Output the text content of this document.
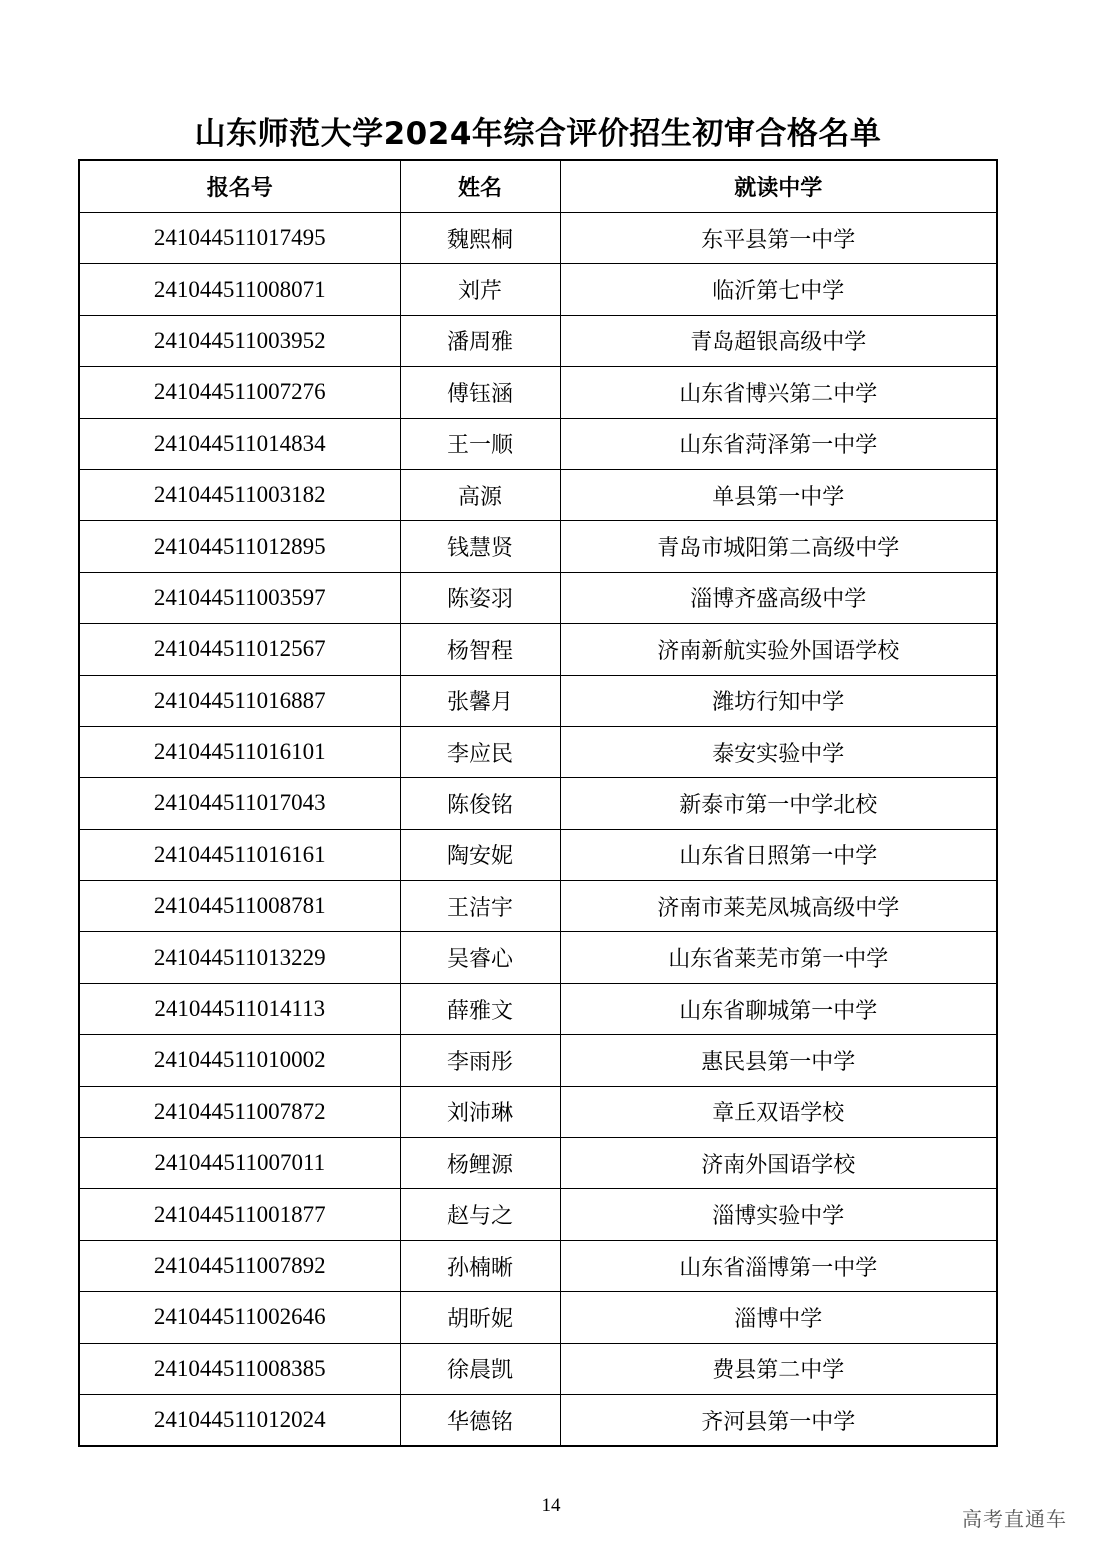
山东师范大学2024年综合评价招生初审合格名单
报名号	姓名	就读中学
241044511017495	魏熙桐	东平县第一中学
241044511008071	刘芹	临沂第七中学
241044511003952	潘周雅	青岛超银高级中学
241044511007276	傅钰涵	山东省博兴第二中学
241044511014834	王一顺	山东省菏泽第一中学
241044511003182	高源	单县第一中学
241044511012895	钱慧贤	青岛市城阳第二高级中学
241044511003597	陈姿羽	淄博齐盛高级中学
241044511012567	杨智程	济南新航实验外国语学校
241044511016887	张馨月	潍坊行知中学
241044511016101	李应民	泰安实验中学
241044511017043	陈俊铭	新泰市第一中学北校
241044511016161	陶安妮	山东省日照第一中学
241044511008781	王洁宇	济南市莱芜凤城高级中学
241044511013229	吴睿心	山东省莱芜市第一中学
241044511014113	薛雅文	山东省聊城第一中学
241044511010002	李雨彤	惠民县第一中学
241044511007872	刘沛琳	章丘双语学校
241044511007011	杨鲤源	济南外国语学校
241044511001877	赵与之	淄博实验中学
241044511007892	孙楠晰	山东省淄博第一中学
241044511002646	胡昕妮	淄博中学
241044511008385	徐晨凯	费县第二中学
241044511012024	华德铭	齐河县第一中学
14
高考直通车
